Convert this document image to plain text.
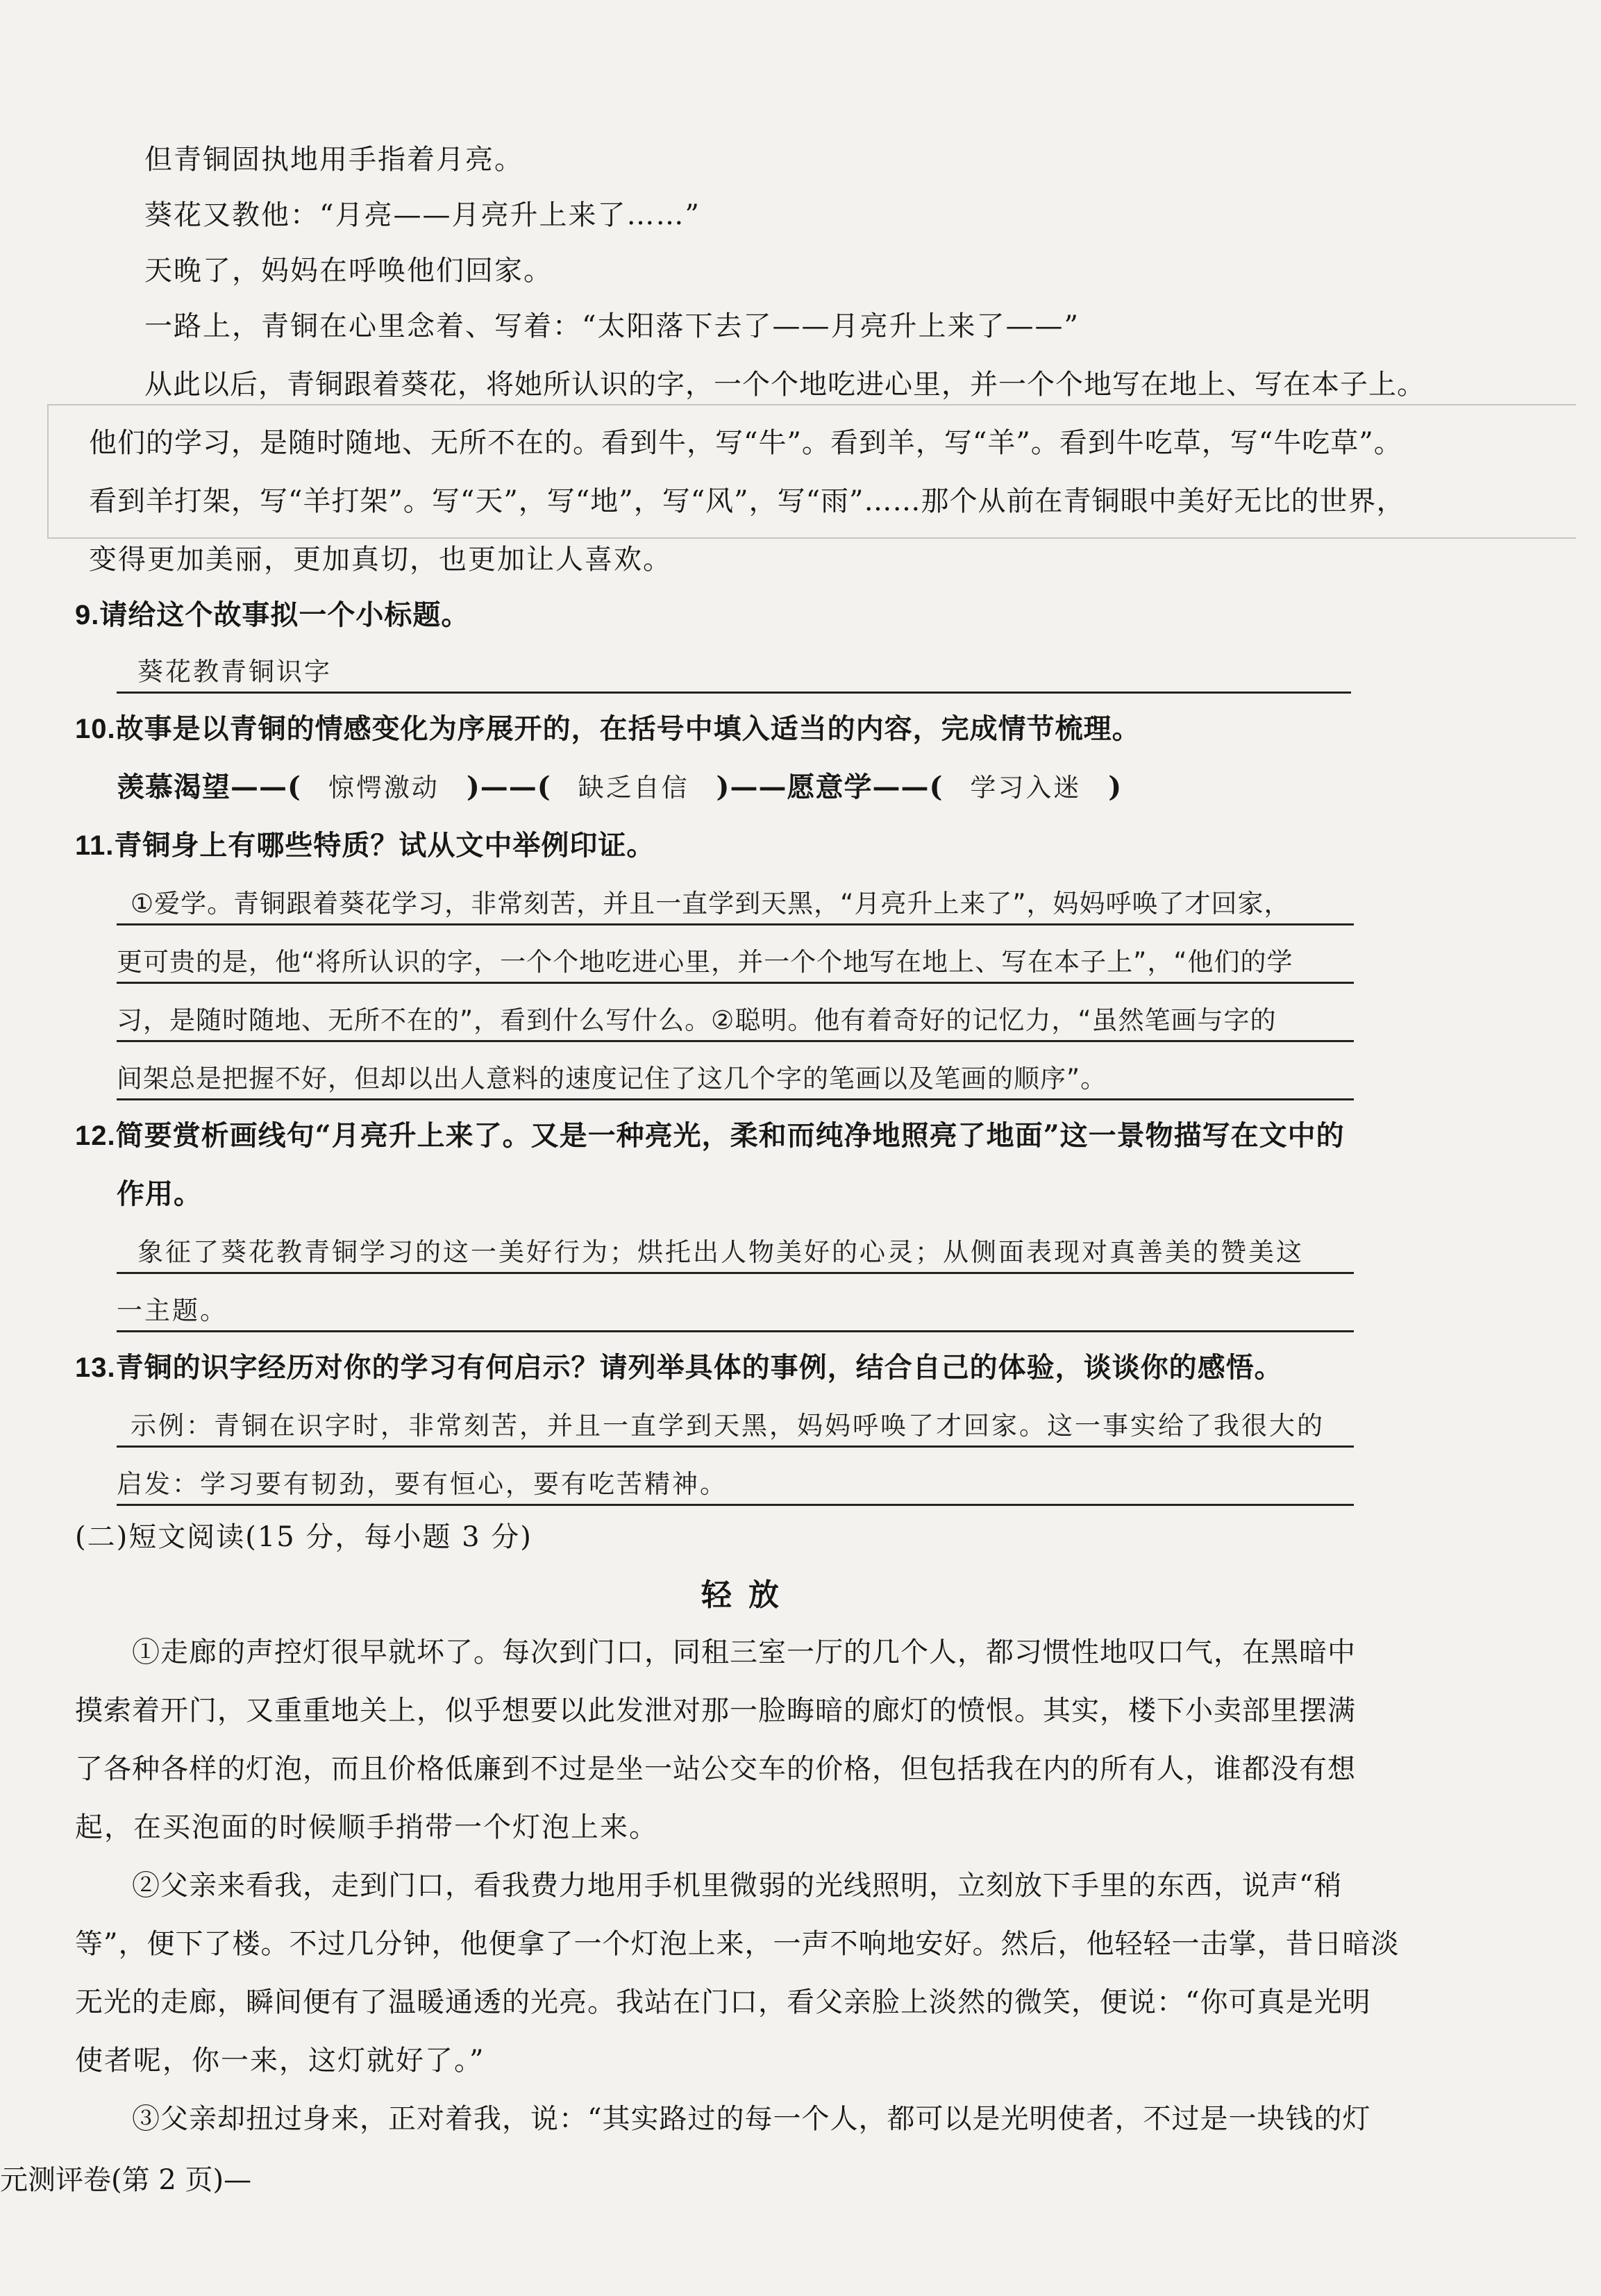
但青铜固执地用手指着月亮。
葵花又教他：“月亮——月亮升上来了……”
天晚了，妈妈在呼唤他们回家。
一路上，青铜在心里念着、写着：“太阳落下去了——月亮升上来了——”
从此以后，青铜跟着葵花，将她所认识的字，一个个地吃进心里，并一个个地写在地上、写在本子上。
他们的学习，是随时随地、无所不在的。看到牛，写“牛”。看到羊，写“羊”。看到牛吃草，写“牛吃草”。
看到羊打架，写“羊打架”。写“天”，写“地”，写“风”，写“雨”……那个从前在青铜眼中美好无比的世界，
变得更加美丽，更加真切，也更加让人喜欢。
9.请给这个故事拟一个小标题。
葵花教青铜识字
10.故事是以青铜的情感变化为序展开的，在括号中填入适当的内容，完成情节梳理。
羡慕渴望——( 惊愕激动 )——( 缺乏自信 )——愿意学——( 学习入迷 )
11.青铜身上有哪些特质？试从文中举例印证。
①爱学。青铜跟着葵花学习，非常刻苦，并且一直学到天黑，“月亮升上来了”，妈妈呼唤了才回家，
更可贵的是，他“将所认识的字，一个个地吃进心里，并一个个地写在地上、写在本子上”，“他们的学
习，是随时随地、无所不在的”，看到什么写什么。②聪明。他有着奇好的记忆力，“虽然笔画与字的
间架总是把握不好，但却以出人意料的速度记住了这几个字的笔画以及笔画的顺序”。
12.简要赏析画线句“月亮升上来了。又是一种亮光，柔和而纯净地照亮了地面”这一景物描写在文中的
作用。
象征了葵花教青铜学习的这一美好行为；烘托出人物美好的心灵；从侧面表现对真善美的赞美这
一主题。
13.青铜的识字经历对你的学习有何启示？请列举具体的事例，结合自己的体验，谈谈你的感悟。
示例：青铜在识字时，非常刻苦，并且一直学到天黑，妈妈呼唤了才回家。这一事实给了我很大的
启发：学习要有韧劲，要有恒心，要有吃苦精神。
(二)短文阅读(15 分，每小题 3 分)
轻放
①走廊的声控灯很早就坏了。每次到门口，同租三室一厅的几个人，都习惯性地叹口气，在黑暗中
摸索着开门，又重重地关上，似乎想要以此发泄对那一脸晦暗的廊灯的愤恨。其实，楼下小卖部里摆满
了各种各样的灯泡，而且价格低廉到不过是坐一站公交车的价格，但包括我在内的所有人，谁都没有想
起，在买泡面的时候顺手捎带一个灯泡上来。
②父亲来看我，走到门口，看我费力地用手机里微弱的光线照明，立刻放下手里的东西，说声“稍
等”，便下了楼。不过几分钟，他便拿了一个灯泡上来，一声不响地安好。然后，他轻轻一击掌，昔日暗淡
无光的走廊，瞬间便有了温暖通透的光亮。我站在门口，看父亲脸上淡然的微笑，便说：“你可真是光明
使者呢，你一来，这灯就好了。”
③父亲却扭过身来，正对着我，说：“其实路过的每一个人，都可以是光明使者，不过是一块钱的灯
元测评卷(第 2 页)—
